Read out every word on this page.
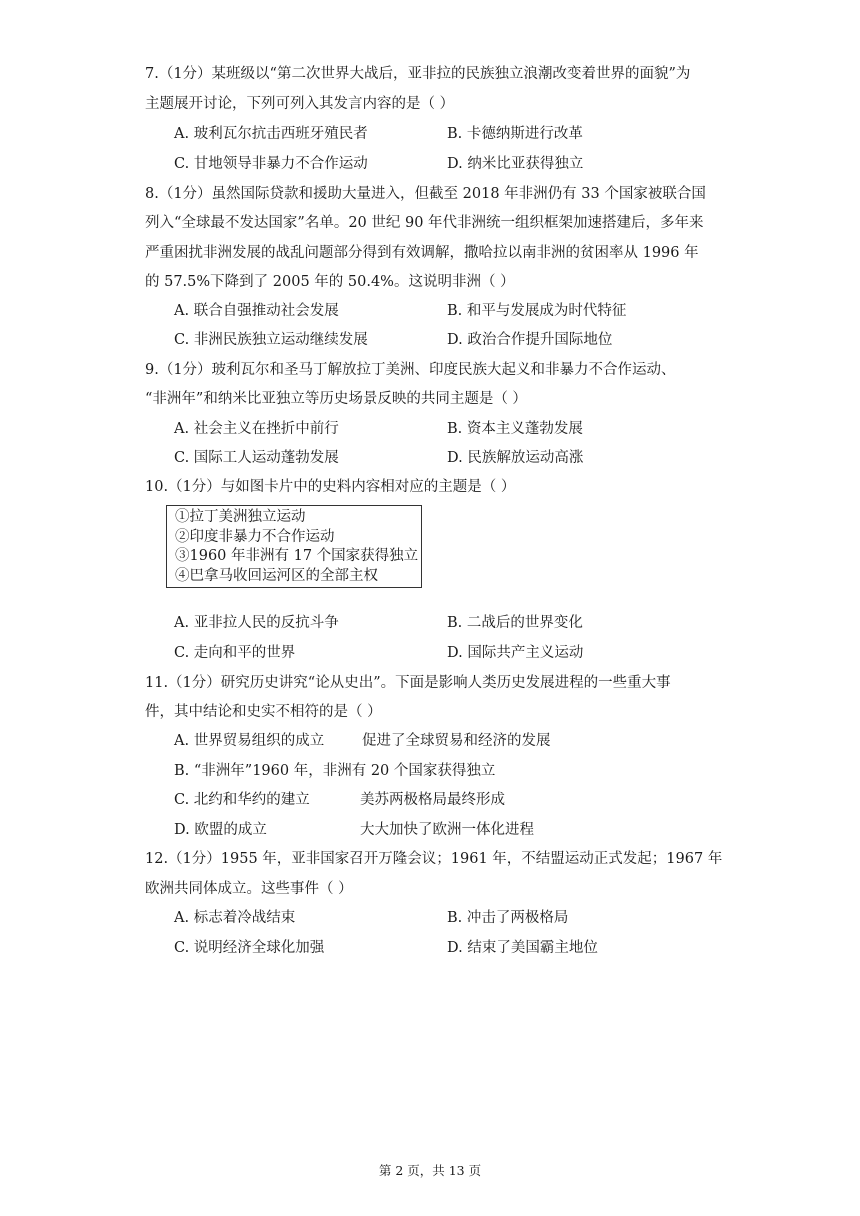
7.（1分）某班级以“第二次世界大战后，亚非拉的民族独立浪潮改变着世界的面貌”为
主题展开讨论，下列可列入其发言内容的是（ ）
A. 玻利瓦尔抗击西班牙殖民者	B. 卡德纳斯进行改革
C. 甘地领导非暴力不合作运动	D. 纳米比亚获得独立
8.（1分）虽然国际贷款和援助大量进入，但截至 2018 年非洲仍有 33 个国家被联合国
列入“全球最不发达国家”名单。20 世纪 90 年代非洲统一组织框架加速搭建后，多年来
严重困扰非洲发展的战乱问题部分得到有效调解，撒哈拉以南非洲的贫困率从 1996 年
的 57.5%下降到了 2005 年的 50.4%。这说明非洲（ ）
A. 联合自强推动社会发展	B. 和平与发展成为时代特征
C. 非洲民族独立运动继续发展	D. 政治合作提升国际地位
9.（1分）玻利瓦尔和圣马丁解放拉丁美洲、印度民族大起义和非暴力不合作运动、
“非洲年”和纳米比亚独立等历史场景反映的共同主题是（ ）
A. 社会主义在挫折中前行	B. 资本主义蓬勃发展
C. 国际工人运动蓬勃发展	D. 民族解放运动高涨
10.（1分）与如图卡片中的史料内容相对应的主题是（ ）
①拉丁美洲独立运动
②印度非暴力不合作运动
③1960 年非洲有 17 个国家获得独立
④巴拿马收回运河区的全部主权
A. 亚非拉人民的反抗斗争	B. 二战后的世界变化
C. 走向和平的世界	D. 国际共产主义运动
11.（1分）研究历史讲究“论从史出”。下面是影响人类历史发展进程的一些重大事
件，其中结论和史实不相符的是（ ）
A. 世界贸易组织的成立	促进了全球贸易和经济的发展
B. “非洲年”1960 年，非洲有 20 个国家获得独立
C. 北约和华约的建立	美苏两极格局最终形成
D. 欧盟的成立	大大加快了欧洲一体化进程
12.（1分）1955 年，亚非国家召开万隆会议；1961 年，不结盟运动正式发起；1967 年
欧洲共同体成立。这些事件（ ）
A. 标志着冷战结束	B. 冲击了两极格局
C. 说明经济全球化加强	D. 结束了美国霸主地位
第 2 页，共 13 页
